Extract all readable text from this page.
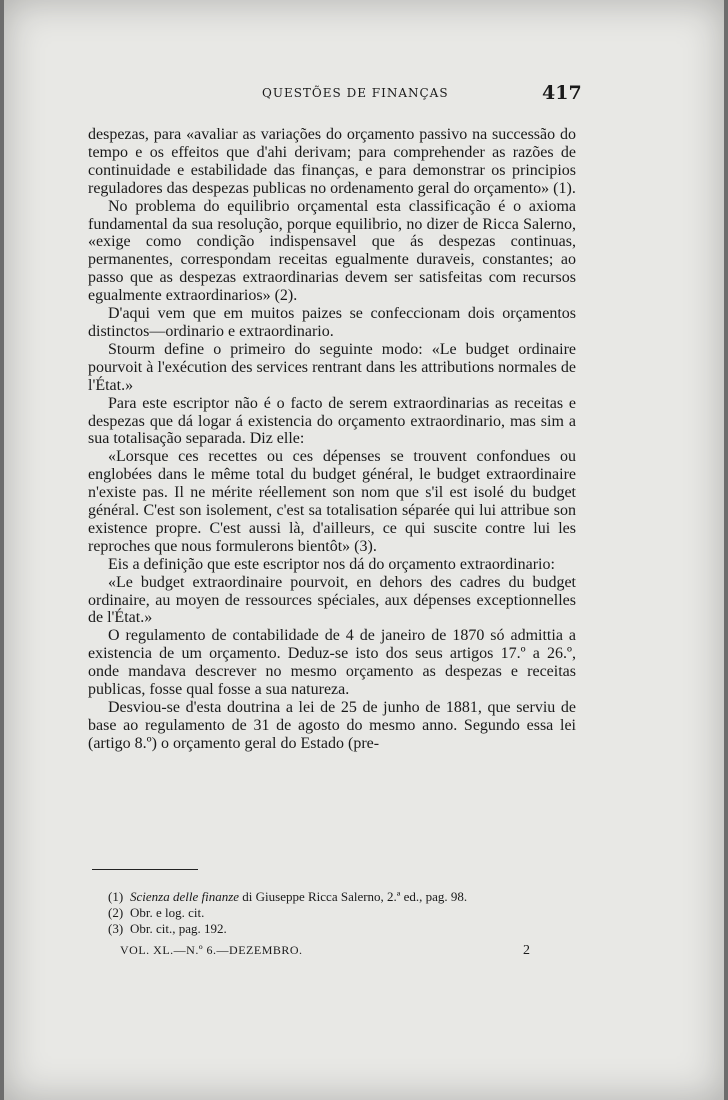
QUESTÕES DE FINANÇAS	417

despezas, para «avaliar as variações do orçamento passivo na successão do tempo e os effeitos que d'ahi derivam; para comprehender as razões de continuidade e estabilidade das finanças, e para demonstrar os principios reguladores das despezas publicas no ordenamento geral do orçamento» (1).

No problema do equilibrio orçamental esta classificação é o axioma fundamental da sua resolução, porque equilibrio, no dizer de Ricca Salerno, «exige como condição indispensavel que ás despezas continuas, permanentes, correspondam receitas egualmente duraveis, constantes; ao passo que as despezas extraordinarias devem ser satisfeitas com recursos egualmente extraordinarios» (2).

D'aqui vem que em muitos paizes se confeccionam dois orçamentos distinctos—ordinario e extraordinario.

Stourm define o primeiro do seguinte modo: «Le budget ordinaire pourvoit à l'exécution des services rentrant dans les attributions normales de l'État.»

Para este escriptor não é o facto de serem extraordinarias as receitas e despezas que dá logar á existencia do orçamento extraordinario, mas sim a sua totalisação separada. Diz elle:

«Lorsque ces recettes ou ces dépenses se trouvent confondues ou englobées dans le même total du budget général, le budget extraordinaire n'existe pas. Il ne mérite réellement son nom que s'il est isolé du budget général. C'est son isolement, c'est sa totalisation séparée qui lui attribue son existence propre. C'est aussi là, d'ailleurs, ce qui suscite contre lui les reproches que nous formulerons bientôt» (3).

Eis a definição que este escriptor nos dá do orçamento extraordinario:

«Le budget extraordinaire pourvoit, en dehors des cadres du budget ordinaire, au moyen de ressources spéciales, aux dépenses exceptionnelles de l'État.»

O regulamento de contabilidade de 4 de janeiro de 1870 só admittia a existencia de um orçamento. Deduz-se isto dos seus artigos 17.º a 26.º, onde mandava descrever no mesmo orçamento as despezas e receitas publicas, fosse qual fosse a sua natureza.

Desviou-se d'esta doutrina a lei de 25 de junho de 1881, que serviu de base ao regulamento de 31 de agosto do mesmo anno. Segundo essa lei (artigo 8.º) o orçamento geral do Estado (pre-

(1) Scienza delle finanze di Giuseppe Ricca Salerno, 2.ª ed., pag. 98.
(2) Obr. e log. cit.
(3) Obr. cit., pag. 192.
VOL. XL.—N.º 6.—DEZEMBRO.	2
